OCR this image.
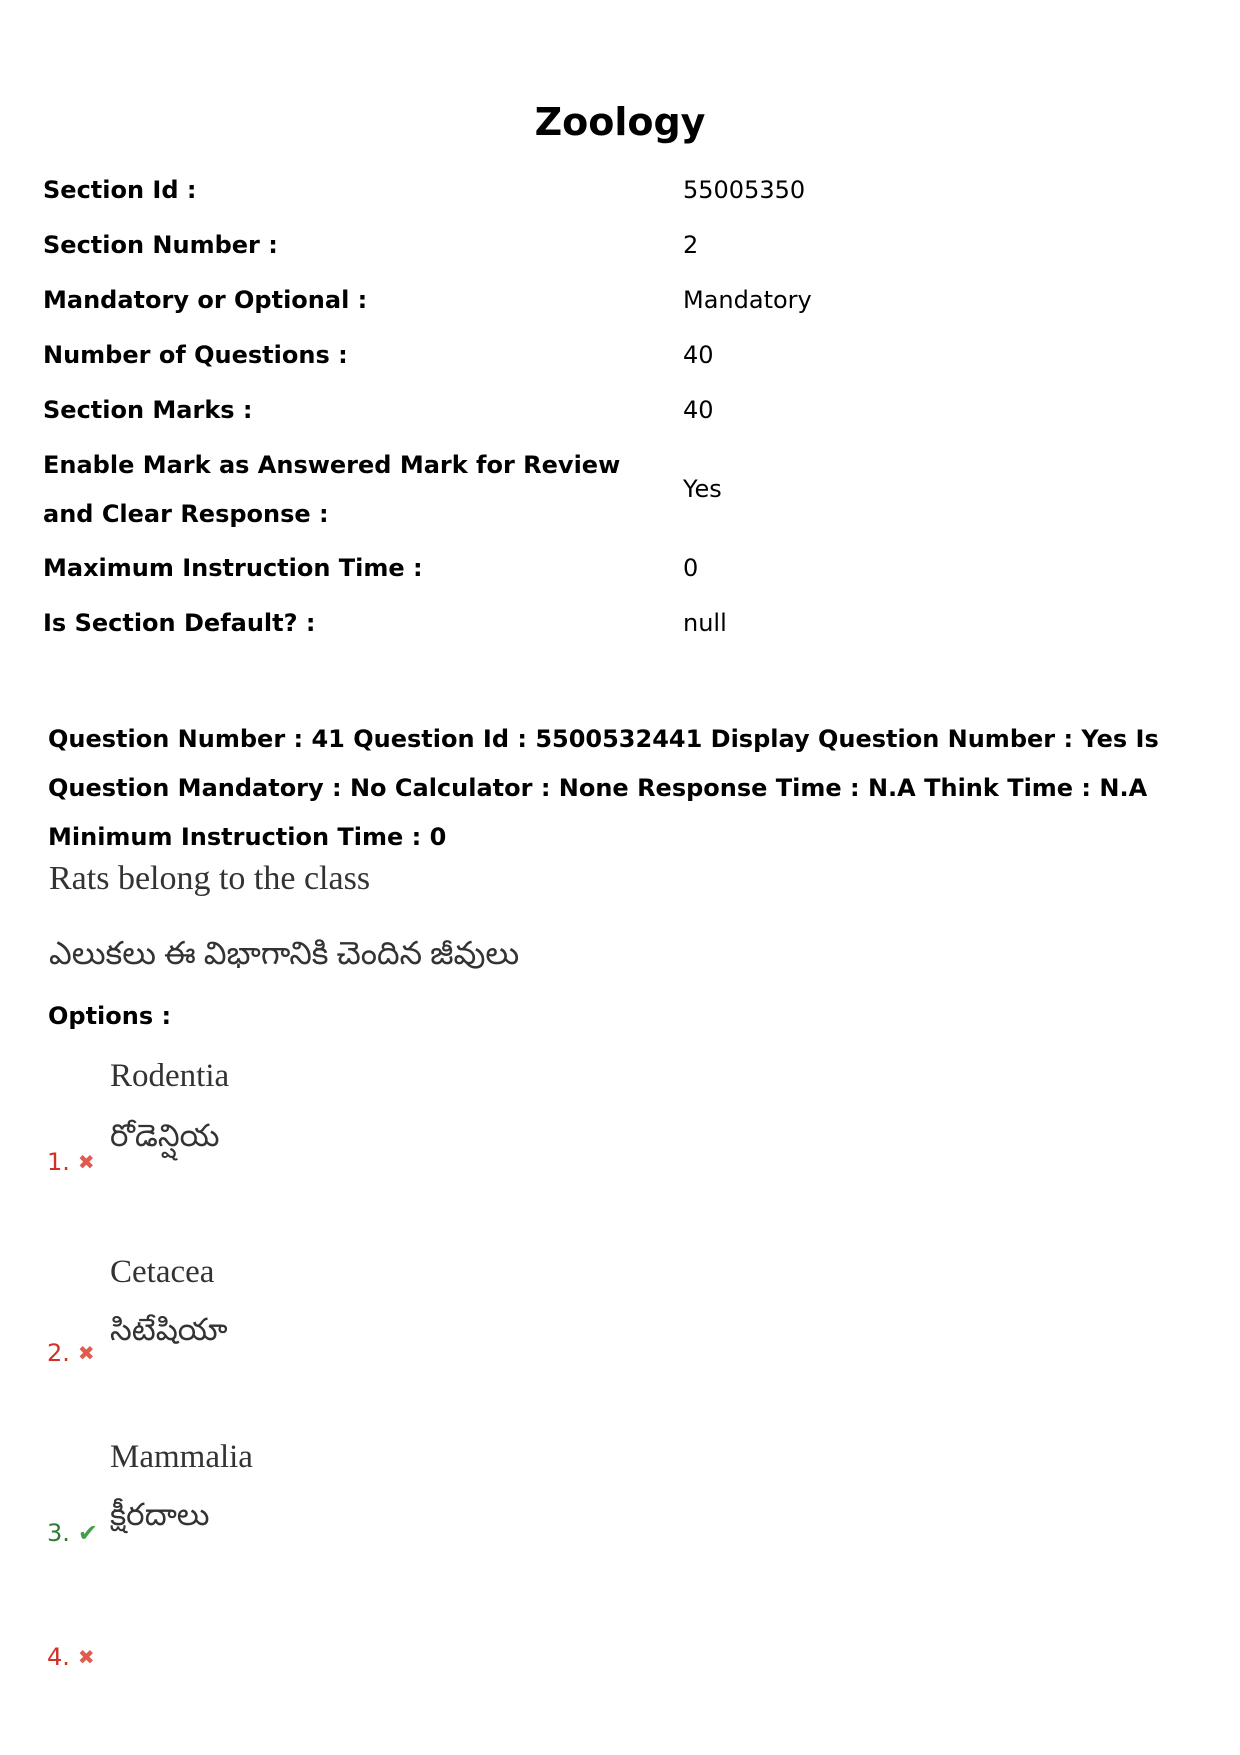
Zoology
Section Id :	55005350
Section Number :	2
Mandatory or Optional :	Mandatory
Number of Questions :	40
Section Marks :	40
Enable Mark as Answered Mark for Review and Clear Response :
Yes
Maximum Instruction Time :	0
Is Section Default? :	null
Question Number : 41 Question Id : 5500532441 Display Question Number : Yes Is Question Mandatory : No Calculator : None Response Time : N.A Think Time : N.A Minimum Instruction Time : 0
Rats belong to the class
ఎలుకలు ఈ విభాగానికి చెందిన జీవులు
Options :
Rodentia
రోడెన్షియ
1. ✖
Cetacea
సిటేషియా
2. ✖
Mammalia
క్షీరదాలు
3. ✔
4. ✖
